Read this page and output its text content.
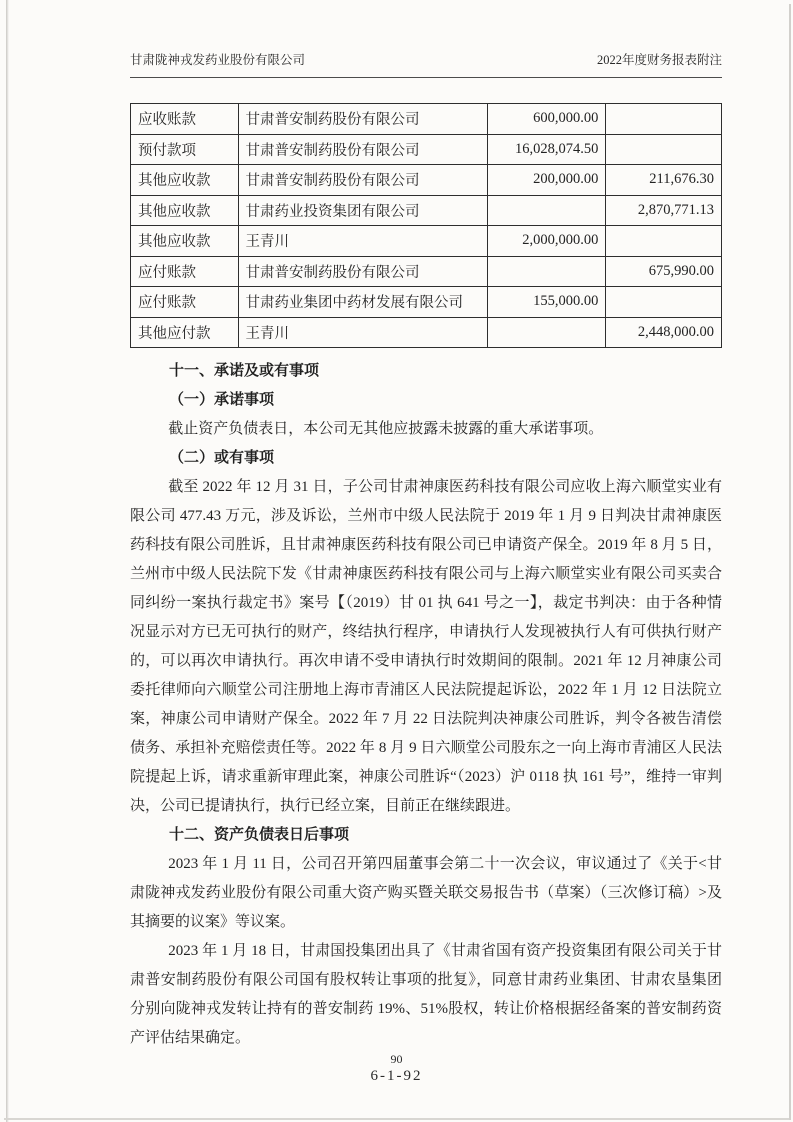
甘肃陇神戎发药业股份有限公司	2022年度财务报表附注
应收账款	甘肃普安制药股份有限公司	600,000.00	
预付款项	甘肃普安制药股份有限公司	16,028,074.50	
其他应收款	甘肃普安制药股份有限公司	200,000.00	211,676.30
其他应收款	甘肃药业投资集团有限公司		2,870,771.13
其他应收款	王青川	2,000,000.00	
应付账款	甘肃普安制药股份有限公司		675,990.00
应付账款	甘肃药业集团中药材发展有限公司	155,000.00	
其他应付款	王青川		2,448,000.00
十一、承诺及或有事项
（一）承诺事项

截止资产负债表日，本公司无其他应披露未披露的重大承诺事项。

（二）或有事项

截至 2022 年 12 月 31 日，子公司甘肃神康医药科技有限公司应收上海六顺堂实业有限公司 477.43 万元，涉及诉讼，兰州市中级人民法院于 2019 年 1 月 9 日判决甘肃神康医药科技有限公司胜诉，且甘肃神康医药科技有限公司已申请资产保全。2019 年 8 月 5 日，兰州市中级人民法院下发《甘肃神康医药科技有限公司与上海六顺堂实业有限公司买卖合同纠纷一案执行裁定书》案号【（2019）甘 01 执 641 号之一】，裁定书判决：由于各种情况显示对方已无可执行的财产，终结执行程序，申请执行人发现被执行人有可供执行财产的，可以再次申请执行。再次申请不受申请执行时效期间的限制。2021 年 12 月神康公司委托律师向六顺堂公司注册地上海市青浦区人民法院提起诉讼，2022 年 1 月 12 日法院立案，神康公司申请财产保全。2022 年 7 月 22 日法院判决神康公司胜诉，判令各被告清偿债务、承担补充赔偿责任等。2022 年 8 月 9 日六顺堂公司股东之一向上海市青浦区人民法院提起上诉，请求重新审理此案，神康公司胜诉“（2023）沪 0118 执 161 号”，维持一审判决，公司已提请执行，执行已经立案，目前正在继续跟进。

十二、资产负债表日后事项

2023 年 1 月 11 日，公司召开第四届董事会第二十一次会议，审议通过了《关于<甘肃陇神戎发药业股份有限公司重大资产购买暨关联交易报告书（草案）（三次修订稿）>及其摘要的议案》等议案。

2023 年 1 月 18 日，甘肃国投集团出具了《甘肃省国有资产投资集团有限公司关于甘肃普安制药股份有限公司国有股权转让事项的批复》，同意甘肃药业集团、甘肃农垦集团分别向陇神戎发转让持有的普安制药 19%、51%股权，转让价格根据经备案的普安制药资产评估结果确定。

90
6-1-92
